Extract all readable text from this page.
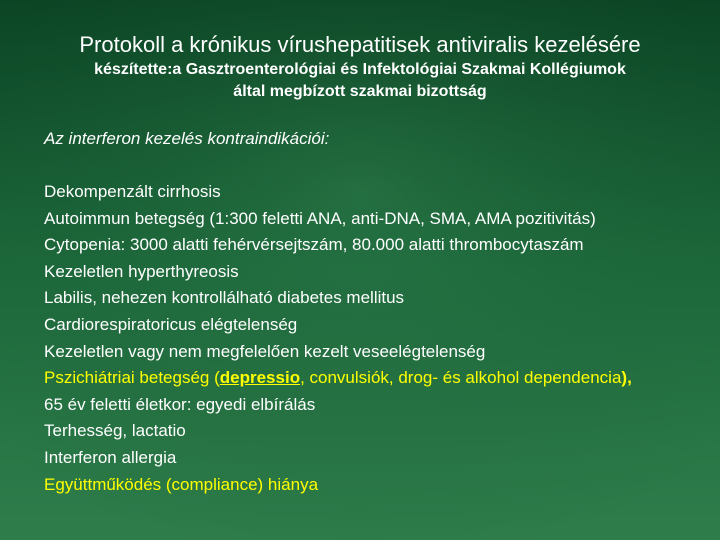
Protokoll a krónikus vírushepatitisek antiviralis kezelésére
készítette:a Gasztroenterológiai és Infektológiai Szakmai Kollégiumok
által megbízott szakmai bizottság
Az interferon kezelés kontraindikációi:
Dekompenzált cirrhosis
Autoimmun betegség (1:300 feletti ANA, anti-DNA, SMA, AMA pozitivitás)
Cytopenia: 3000 alatti fehérvérsejtszám, 80.000 alatti thrombocytaszám
Kezeletlen hyperthyreosis
Labilis, nehezen kontrollálható diabetes mellitus
Cardiorespiratoricus elégtelenség
Kezeletlen vagy nem megfelelően kezelt veseelégtelenség
Pszichiátriai betegség (depressio, convulsiók, drog- és alkohol dependencia),
65 év feletti életkor: egyedi elbírálás
Terhesség, lactatio
Interferon allergia
Együttműködés (compliance) hiánya
